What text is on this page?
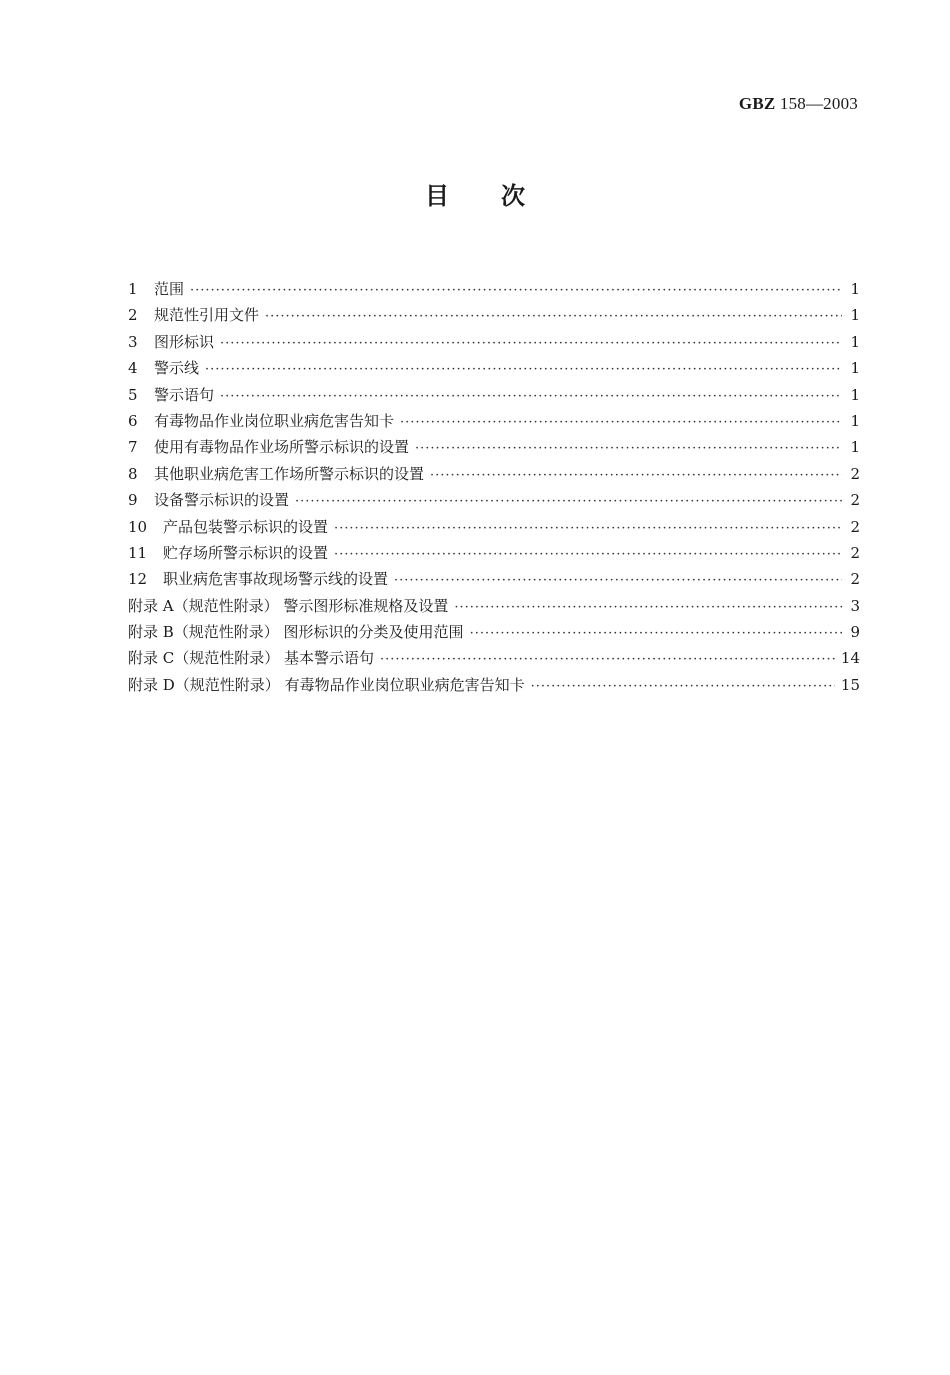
GBZ 158—2003
目次
1	范围 ·····	1
2	规范性引用文件 ·····	1
3	图形标识 ·····	1
4	警示线 ·····	1
5	警示语句 ·····	1
6	有毒物品作业岗位职业病危害告知卡 ·····	1
7	使用有毒物品作业场所警示标识的设置 ·····	1
8	其他职业病危害工作场所警示标识的设置 ·····	2
9	设备警示标识的设置 ·····	2
10	产品包装警示标识的设置 ·····	2
11	贮存场所警示标识的设置 ·····	2
12	职业病危害事故现场警示线的设置 ·····	2
附录 A（规范性附录） 警示图形标准规格及设置 ·····	3
附录 B（规范性附录） 图形标识的分类及使用范围 ·····	9
附录 C（规范性附录） 基本警示语句 ·····	14
附录 D（规范性附录） 有毒物品作业岗位职业病危害告知卡 ·····	15
